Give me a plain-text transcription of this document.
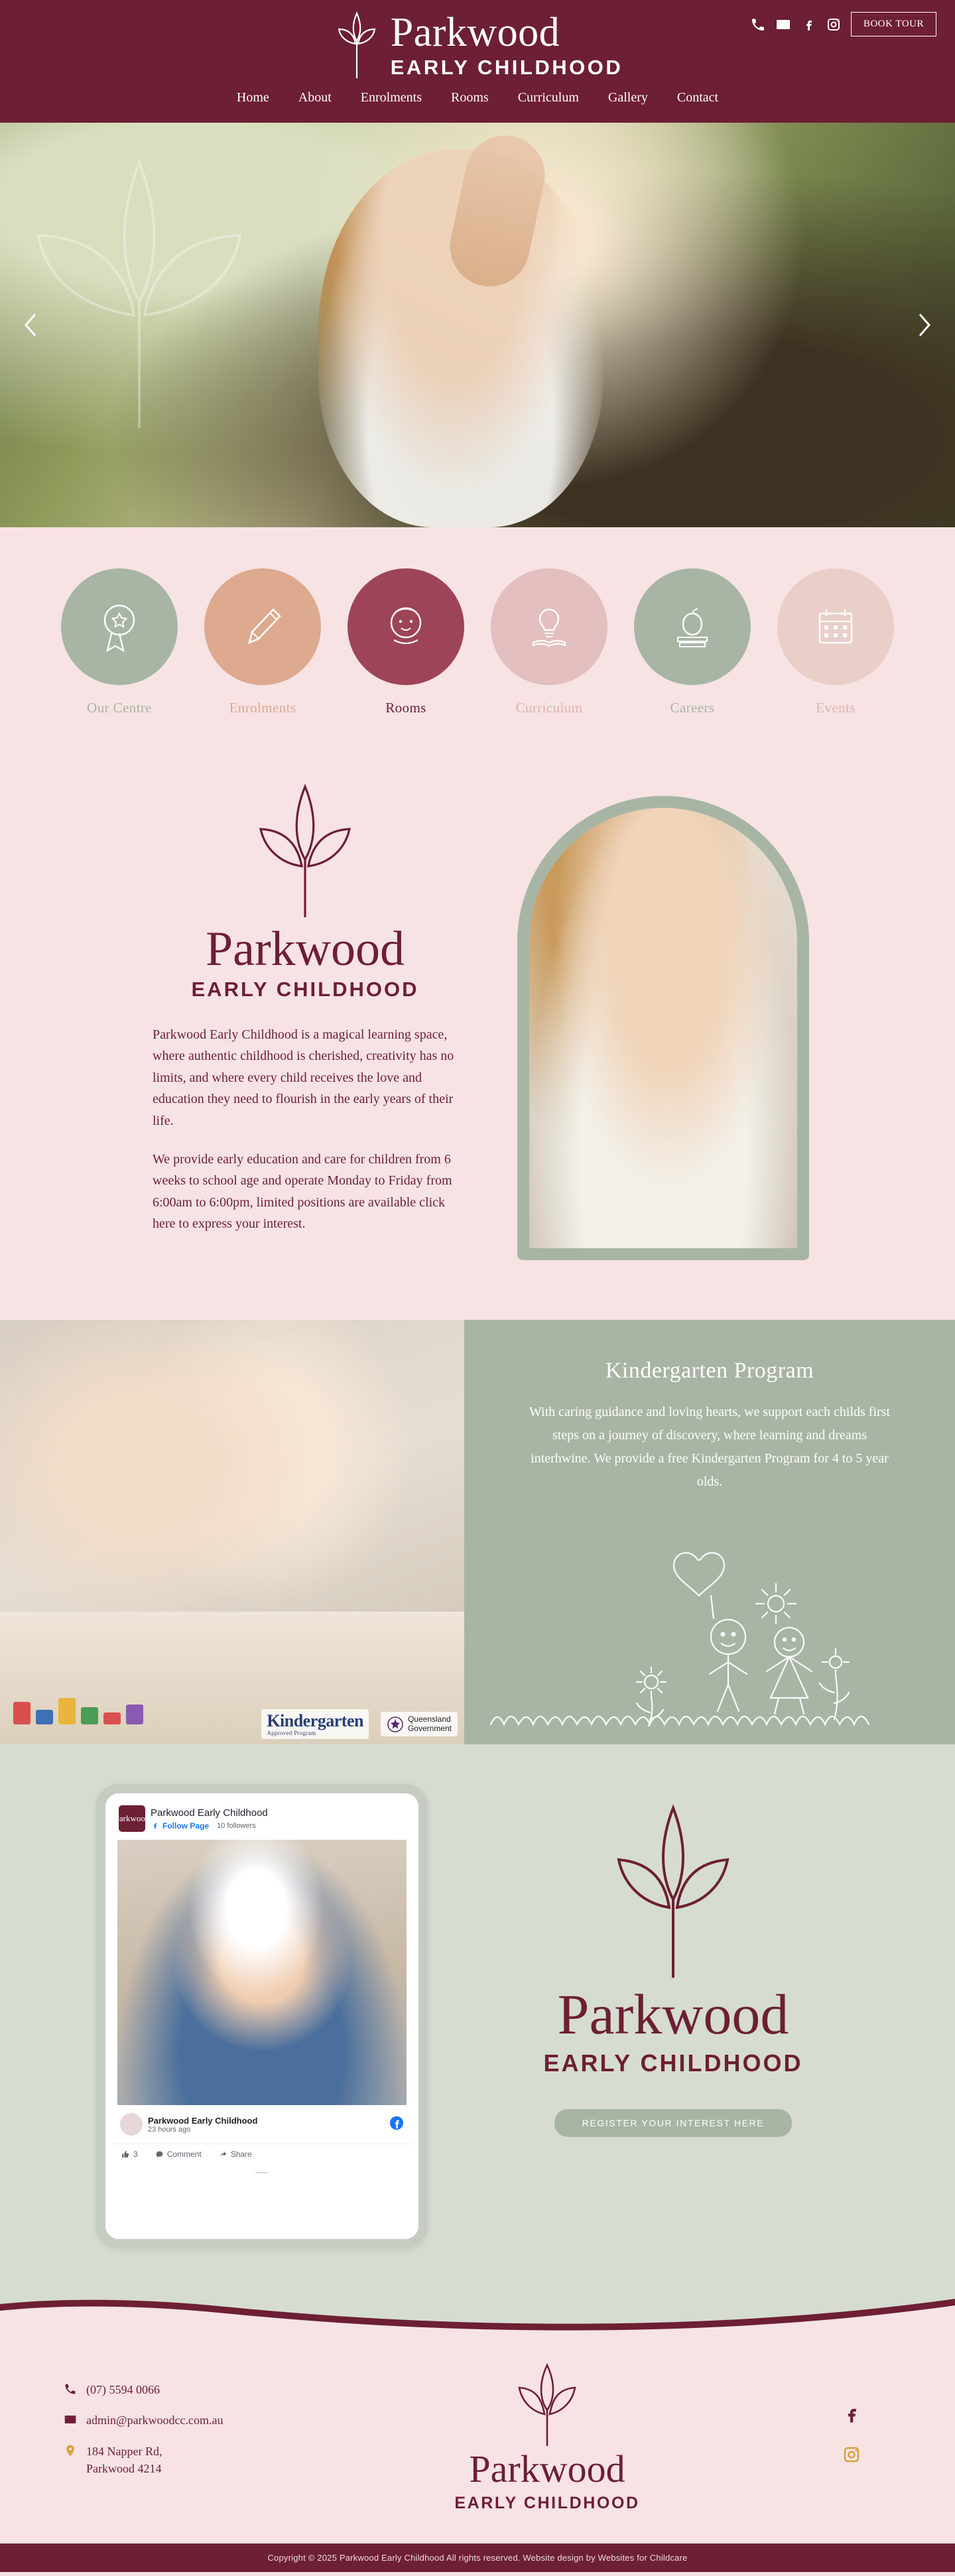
BOOK TOUR
Parkwood
EARLY CHILDHOOD
Home About Enrolments Rooms Curriculum Gallery Contact
Our Centre	Enrolments	Rooms	Curriculum	Careers	Events
Parkwood
EARLY CHILDHOOD

Parkwood Early Childhood is a magical learning space, where authentic childhood is cherished, creativity has no limits, and where every child receives the love and education they need to flourish in the early years of their life.

We provide early education and care for children from 6 weeks to school age and operate Monday to Friday from 6:00am to 6:00pm, limited positions are available click here to express your interest.

Kindergarten
Approved Program
Queensland
Government
Kindergarten Program
With caring guidance and loving hearts, we support each childs first steps on a journey of discovery, where learning and dreams interhwine. We provide a free Kindergarten Program for 4 to 5 year olds.
Parkwood Parkwood Early Childhood
Follow Page 10 followers
Parkwood Early Childhood
23 hours ago
3	Comment	Share
—
Parkwood
EARLY CHILDHOOD
REGISTER YOUR INTEREST HERE
(07) 5594 0066
admin@parkwoodcc.com.au
184 Napper Rd,
Parkwood 4214	Parkwood
EARLY CHILDHOOD
Copyright © 2025 Parkwood Early Childhood All rights reserved. Website design by Websites for Childcare
